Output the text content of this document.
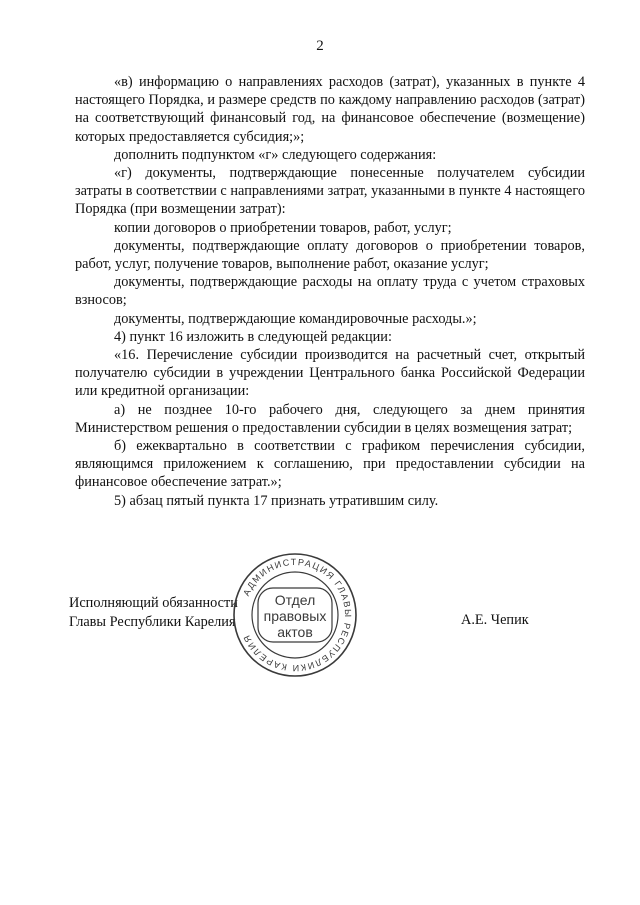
2

«в) информацию о направлениях расходов (затрат), указанных в пункте 4 настоящего Порядка, и размере средств по каждому направлению расходов (затрат) на соответствующий финансовый год, на финансовое обеспечение (возмещение) которых предоставляется субсидия;»;

дополнить подпунктом «г» следующего содержания:

«г) документы, подтверждающие понесенные получателем субсидии затраты в соответствии с направлениями затрат, указанными в пункте 4 настоящего Порядка (при возмещении затрат):

копии договоров о приобретении товаров, работ, услуг;

документы, подтверждающие оплату договоров о приобретении товаров, работ, услуг, получение товаров, выполнение работ, оказание услуг;

документы, подтверждающие расходы на оплату труда с учетом страховых взносов;

документы, подтверждающие командировочные расходы.»;

4) пункт 16 изложить в следующей редакции:

«16. Перечисление субсидии производится на расчетный счет, открытый получателю субсидии в учреждении Центрального банка Российской Федерации или кредитной организации:

а) не позднее 10-го рабочего дня, следующего за днем принятия Министерством решения о предоставлении субсидии в целях возмещения затрат;

б) ежеквартально в соответствии с графиком перечисления субсидии, являющимся приложением к соглашению, при предоставлении субсидии на финансовое обеспечение затрат.»;

5) абзац пятый пункта 17 признать утратившим силу.

Исполняющий обязанности
Главы Республики Карелия	А.Е. Чепик
АДМИНИСТРАЦИЯ ГЛАВЫ РЕСПУБЛИКИ КАРЕЛИЯ
Отдел
правовых
актов
